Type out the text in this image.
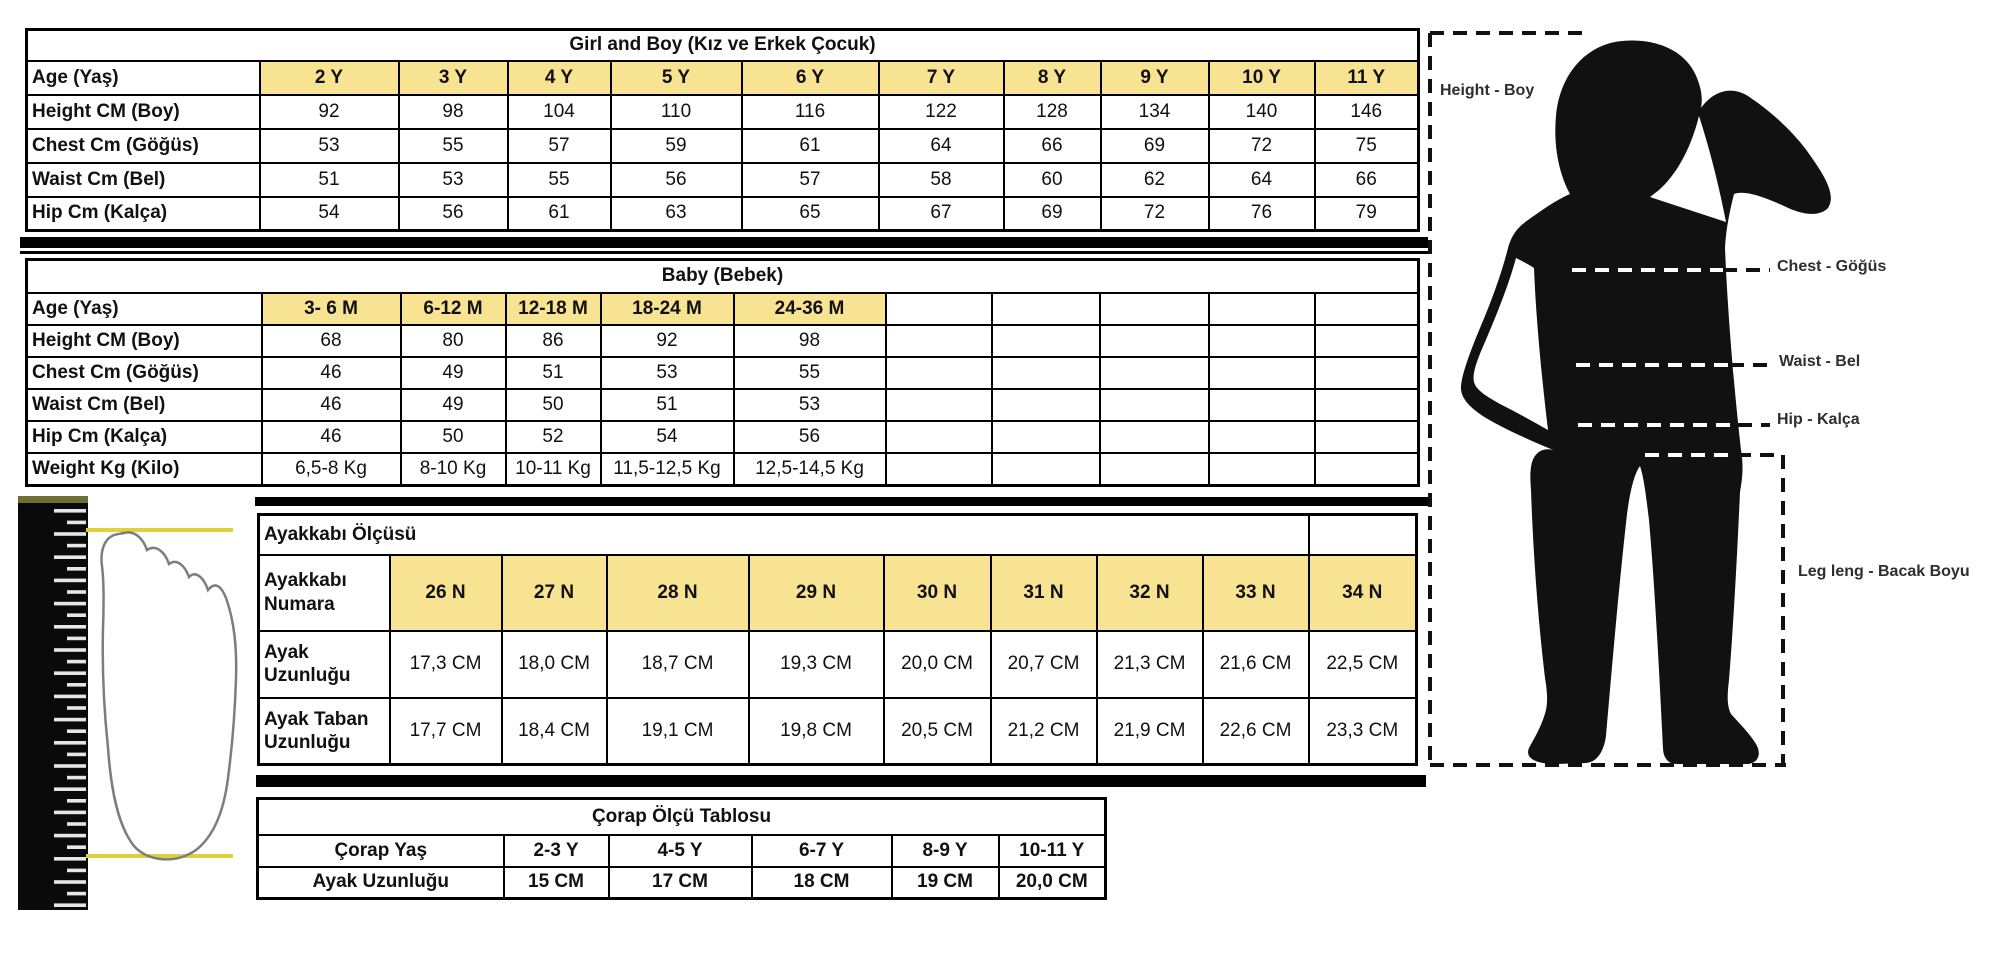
Girl and Boy (Kız ve Erkek Çocuk)										
Age (Yaş)	2 Y	3 Y	4 Y	5 Y	6 Y	7 Y	8 Y	9 Y	10 Y	11 Y
Height CM (Boy)	92	98	104	110	116	122	128	134	140	146
Chest Cm (Göğüs)	53	55	57	59	61	64	66	69	72	75
Waist Cm (Bel)	51	53	55	56	57	58	60	62	64	66
Hip Cm (Kalça)	54	56	61	63	65	67	69	72	76	79
Baby (Bebek)										
Age (Yaş)	3- 6 M	6-12 M	12-18 M	18-24 M	24-36 M					
Height CM (Boy)	68	80	86	92	98					
Chest Cm (Göğüs)	46	49	51	53	55					
Waist Cm (Bel)	46	49	50	51	53					
Hip Cm (Kalça)	46	50	52	54	56					
Weight Kg (Kilo)	6,5-8 Kg	8-10 Kg	10-11 Kg	11,5-12,5 Kg	12,5-14,5 Kg					
Ayakkabı Ölçüsü									
Ayakkabı Numara	26 N	27 N	28 N	29 N	30 N	31 N	32 N	33 N	34 N
Ayak Uzunluğu	17,3 CM	18,0 CM	18,7 CM	19,3 CM	20,0 CM	20,7 CM	21,3 CM	21,6 CM	22,5 CM
Ayak Taban Uzunluğu	17,7 CM	18,4 CM	19,1 CM	19,8 CM	20,5 CM	21,2 CM	21,9 CM	22,6 CM	23,3 CM
Çorap Ölçü Tablosu					
Çorap Yaş	2-3 Y	4-5 Y	6-7 Y	8-9 Y	10-11 Y
Ayak Uzunluğu	15 CM	17 CM	18 CM	19 CM	20,0 CM
Height - Boy
Chest - Göğüs
Waist - Bel
Hip - Kalça
Leg leng - Bacak Boyu
